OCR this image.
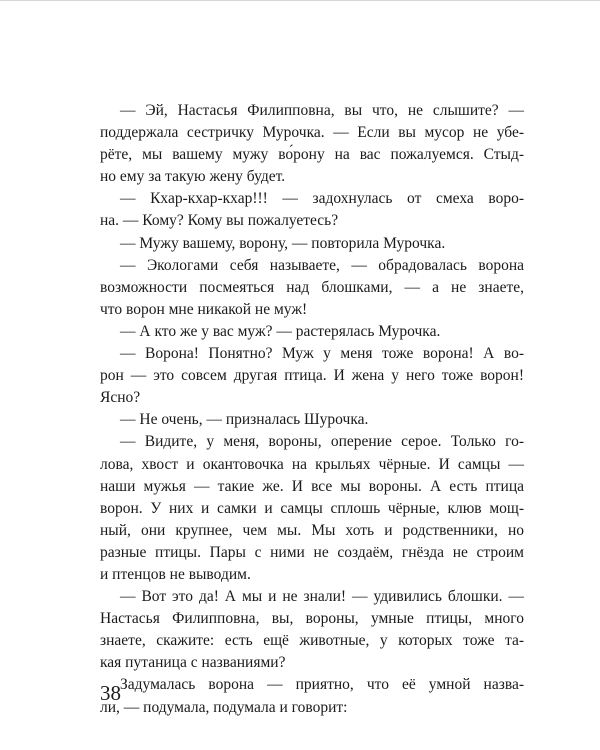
— Эй, Настасья Филипповна, вы что, не слышите? —
поддержала сестричку Мурочка. — Если вы мусор не убе-
рёте, мы вашему мужу во́рону на вас пожалуемся. Стыд-
но ему за такую жену будет.
— Кхар-кхар-кхар!!! — задохнулась от смеха воро-
на. — Кому? Кому вы пожалуетесь?
— Мужу вашему, ворону, — повторила Мурочка.
— Экологами себя называете, — обрадовалась ворона
возможности посмеяться над блошками, — а не знаете,
что ворон мне никакой не муж!
— А кто же у вас муж? — растерялась Мурочка.
— Ворона! Понятно? Муж у меня тоже ворона! А во-
рон — это совсем другая птица. И жена у него тоже ворон!
Ясно?
— Не очень, — призналась Шурочка.
— Видите, у меня, вороны, оперение серое. Только го-
лова, хвост и окантовочка на крыльях чёрные. И самцы —
наши мужья — такие же. И все мы вороны. А есть птица
ворон. У них и самки и самцы сплошь чёрные, клюв мощ-
ный, они крупнее, чем мы. Мы хоть и родственники, но
разные птицы. Пары с ними не создаём, гнёзда не строим
и птенцов не выводим.
— Вот это да! А мы и не знали! — удивились блошки. —
Настасья Филипповна, вы, вороны, умные птицы, много
знаете, скажите: есть ещё животные, у которых тоже та-
кая путаница с названиями?
Задумалась ворона — приятно, что её умной назва-
ли, — подумала, подумала и говорит:
38
